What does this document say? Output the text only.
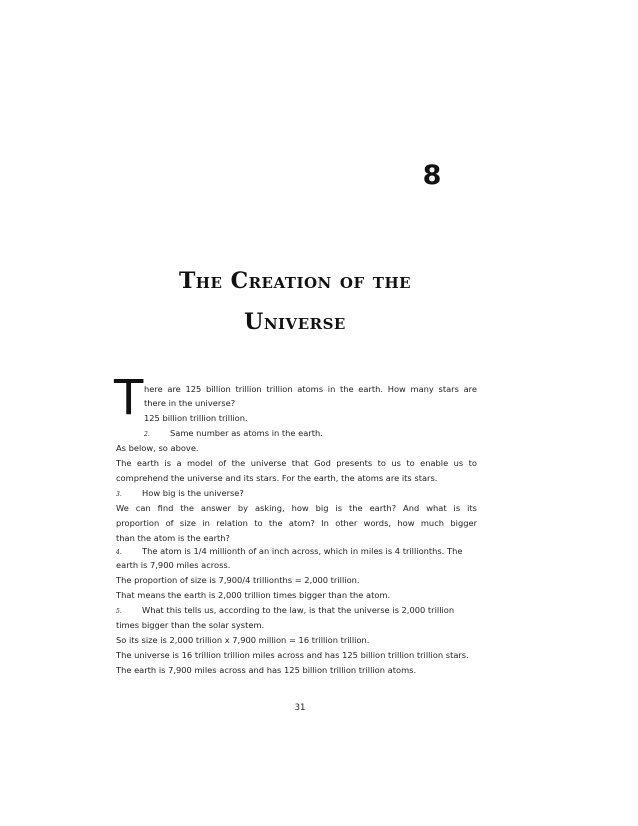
8
The Creation of the
Universe
T here are 125 billion trillion trillion atoms in the earth. How many stars are
there in the universe?
125 billion trillion trillion.
2. Same number as atoms in the earth.
As below, so above.
The earth is a model of the universe that God presents to us to enable us to
comprehend the universe and its stars. For the earth, the atoms are its stars.
3. How big is the universe?
We can find the answer by asking, how big is the earth? And what is its
proportion of size in relation to the atom? In other words, how much bigger
than the atom is the earth?
4. The atom is 1/4 millionth of an inch across, which in miles is 4 trillionths. The
earth is 7,900 miles across.
The proportion of size is 7,900/4 trillionths = 2,000 trillion.
That means the earth is 2,000 trillion times bigger than the atom.
5. What this tells us, according to the law, is that the universe is 2,000 trillion
times bigger than the solar system.
So its size is 2,000 trillion x 7,900 million = 16 trillion trillion.
The universe is 16 trillion trillion miles across and has 125 billion trillion trillion stars.
The earth is 7,900 miles across and has 125 billion trillion trillion atoms.
31
